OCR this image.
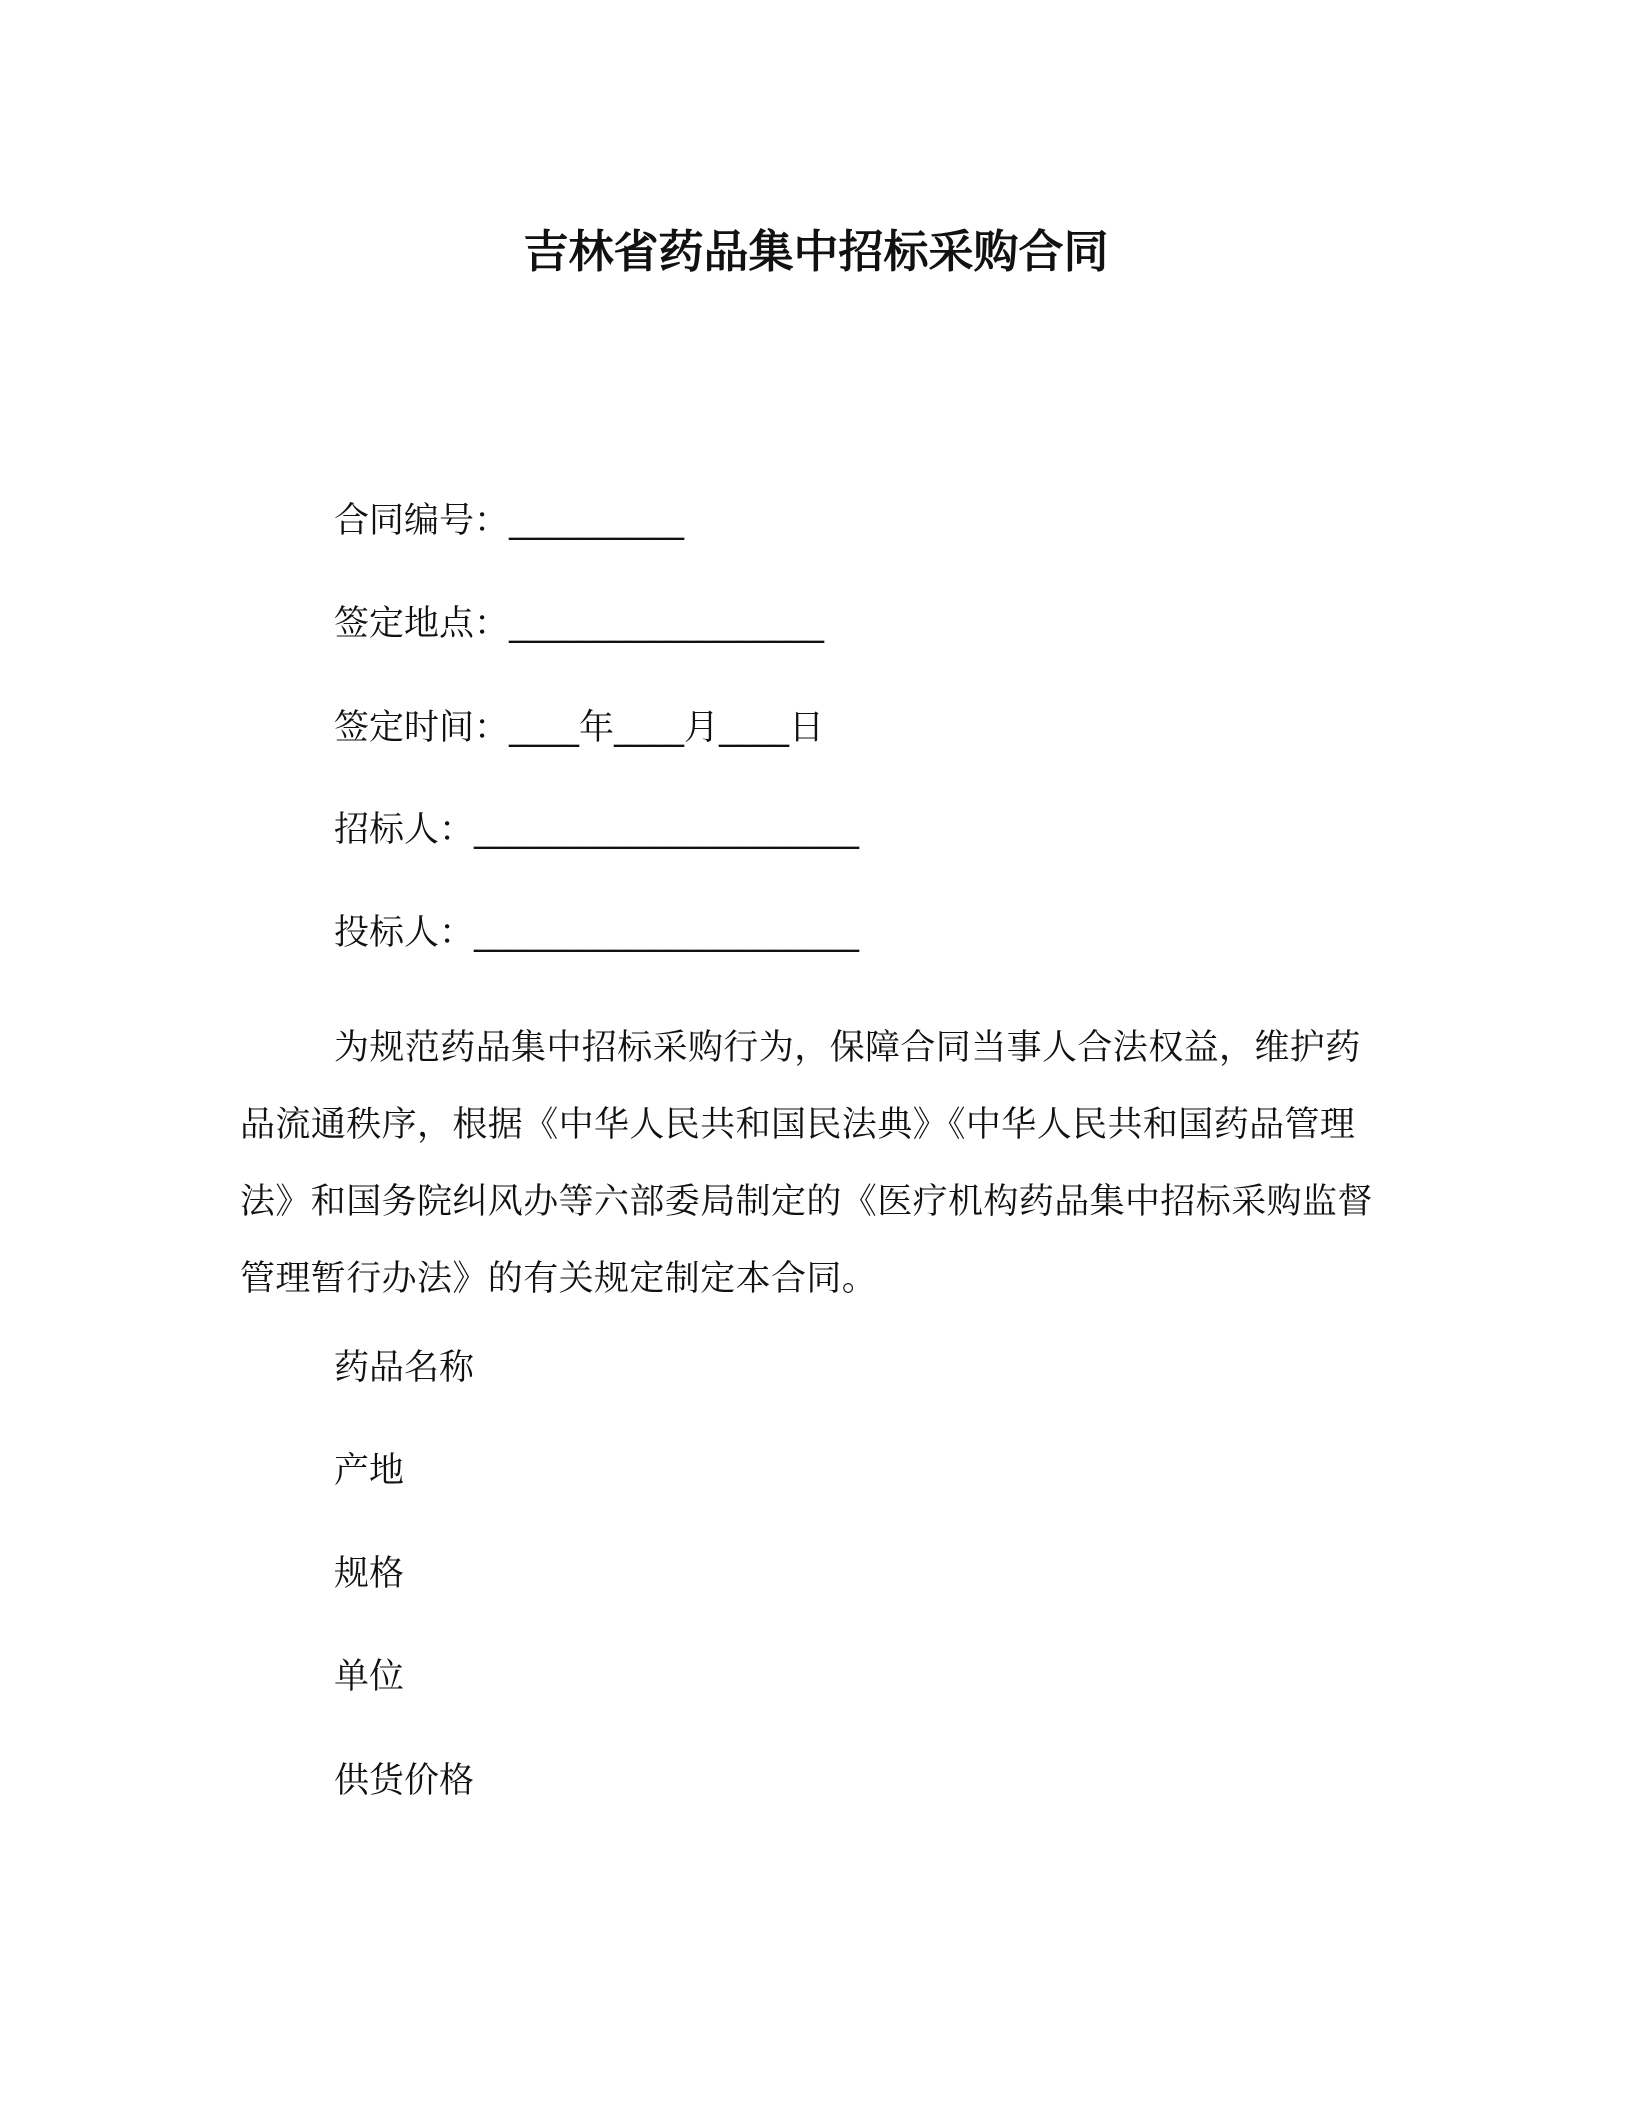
吉林省药品集中招标采购合同
合同编号：__________
签定地点：__________________
签定时间：____年____月____日
招标人：______________________
投标人：______________________
为规范药品集中招标采购行为，保障合同当事人合法权益，维护药品流通秩序，根据《中华人民共和国民法典》《中华人民共和国药品管理法》和国务院纠风办等六部委局制定的《医疗机构药品集中招标采购监督管理暂行办法》的有关规定制定本合同。
药品名称
产地
规格
单位
供货价格
